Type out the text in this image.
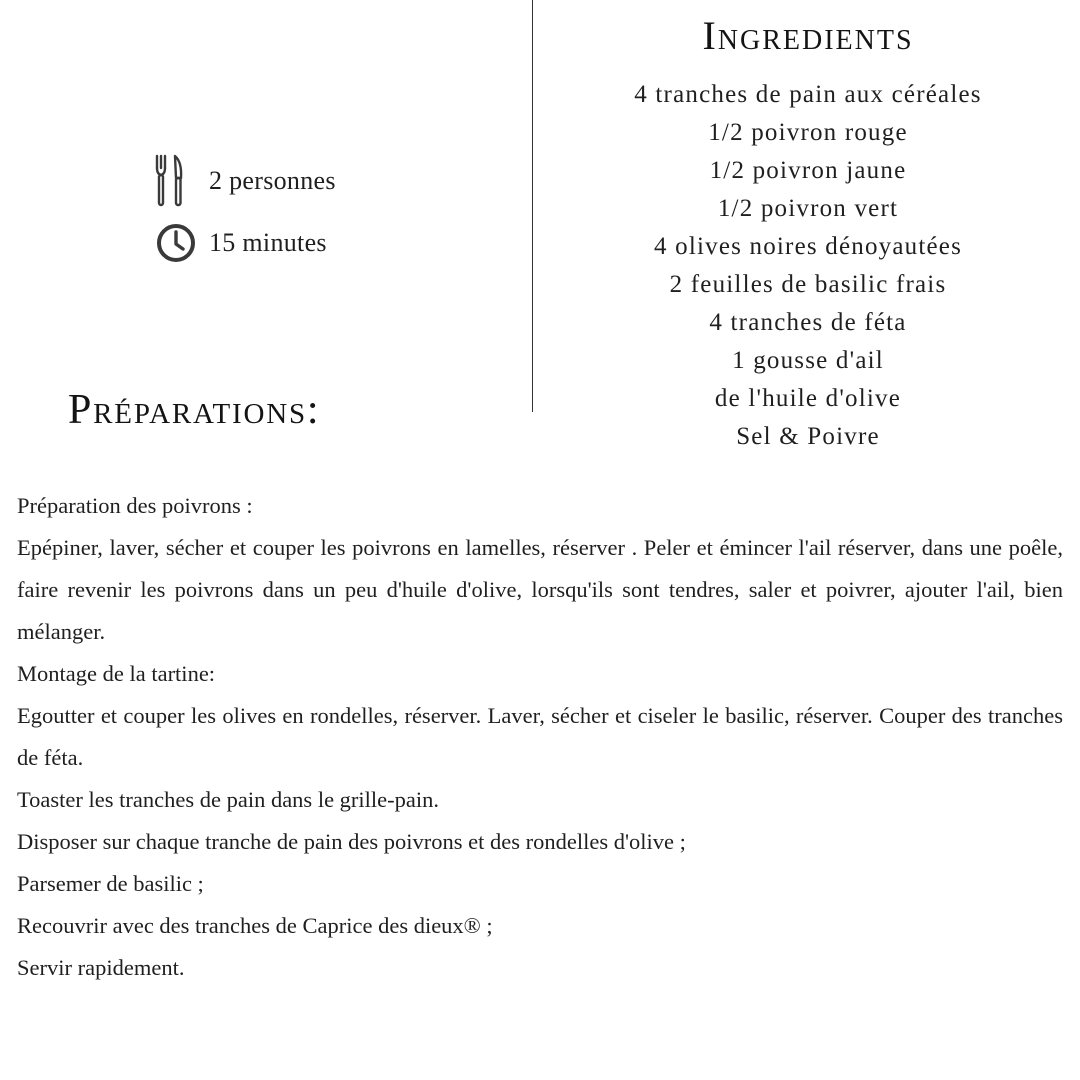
2 personnes
15 minutes
Ingredients
4 tranches de pain aux céréales
1/2 poivron rouge
1/2 poivron jaune
1/2 poivron vert
4 olives noires dénoyautées
2 feuilles de basilic frais
4 tranches de féta
1 gousse d'ail
de l'huile d'olive
Sel & Poivre
Préparations:

Préparation des poivrons :

Epépiner, laver, sécher et couper les poivrons en lamelles, réserver . Peler et émincer l'ail réserver, dans une poêle, faire revenir les poivrons dans un peu d'huile d'olive, lorsqu'ils sont tendres, saler et poivrer, ajouter l'ail, bien mélanger.

Montage de la tartine:

Egoutter et couper les olives en rondelles, réserver. Laver, sécher et ciseler le basilic, réserver. Couper des tranches de féta.

Toaster les tranches de pain dans le grille-pain.

Disposer sur chaque tranche de pain des poivrons et des rondelles d'olive ;

Parsemer de basilic ;

Recouvrir avec des tranches de Caprice des dieux® ;

Servir rapidement.
